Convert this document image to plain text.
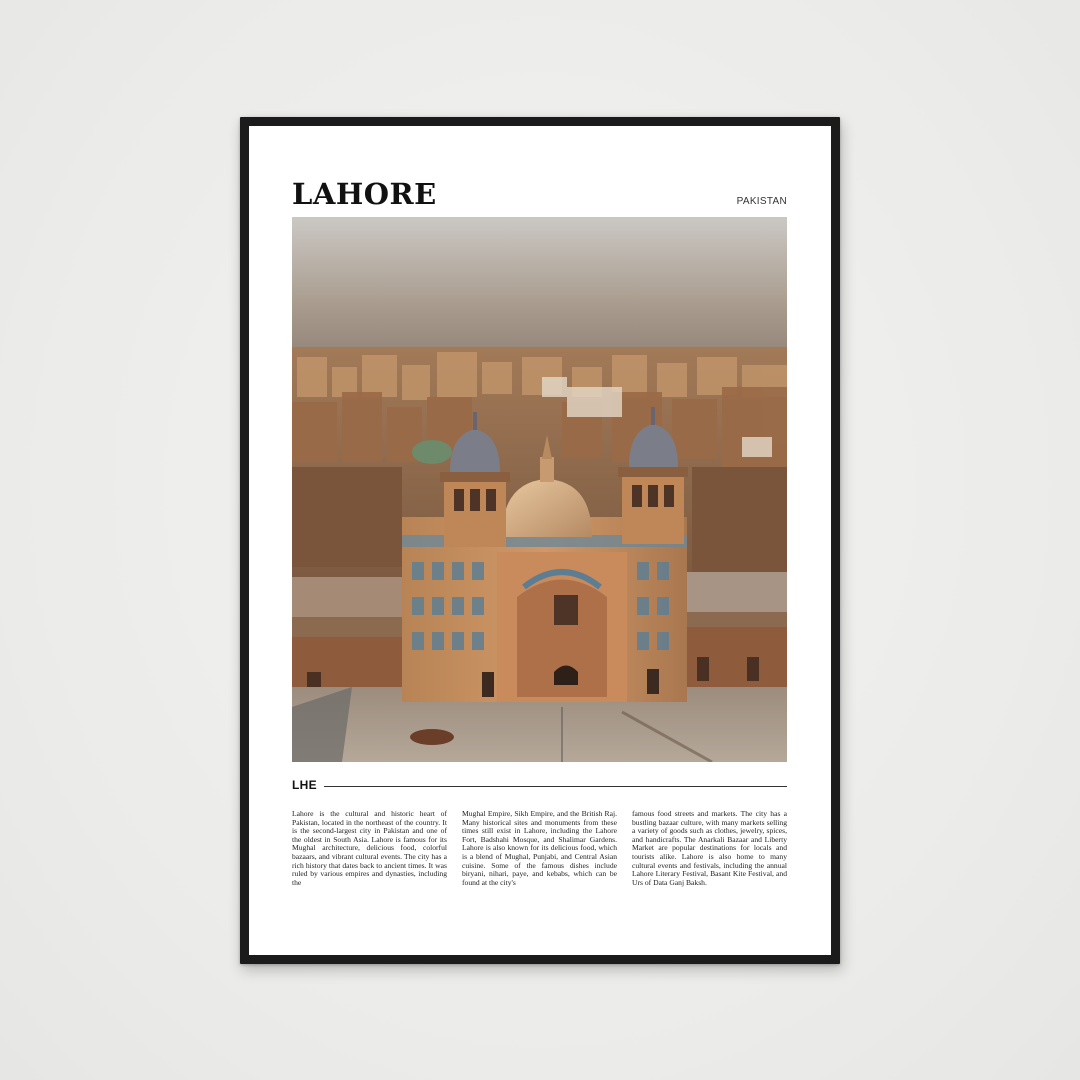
LAHORE	PAKISTAN
LHE

Lahore is the cultural and historic heart of Pakistan, located in the northeast of the country. It is the second-largest city in Pakistan and one of the oldest in South Asia. Lahore is famous for its Mughal architecture, delicious food, colorful bazaars, and vibrant cultural events. The city has a rich history that dates back to ancient times. It was ruled by various empires and dynasties, including the

Mughal Empire, Sikh Empire, and the British Raj. Many historical sites and monuments from these times still exist in Lahore, including the Lahore Fort, Badshahi Mosque, and Shalimar Gardens. Lahore is also known for its delicious food, which is a blend of Mughal, Punjabi, and Central Asian cuisine. Some of the famous dishes include biryani, nihari, paye, and kebabs, which can be found at the city's

famous food streets and markets. The city has a bustling bazaar culture, with many markets selling a variety of goods such as clothes, jewelry, spices, and handicrafts. The Anarkali Bazaar and Liberty Market are popular destinations for locals and tourists alike. Lahore is also home to many cultural events and festivals, including the annual Lahore Literary Festival, Basant Kite Festival, and Urs of Data Ganj Baksh.
